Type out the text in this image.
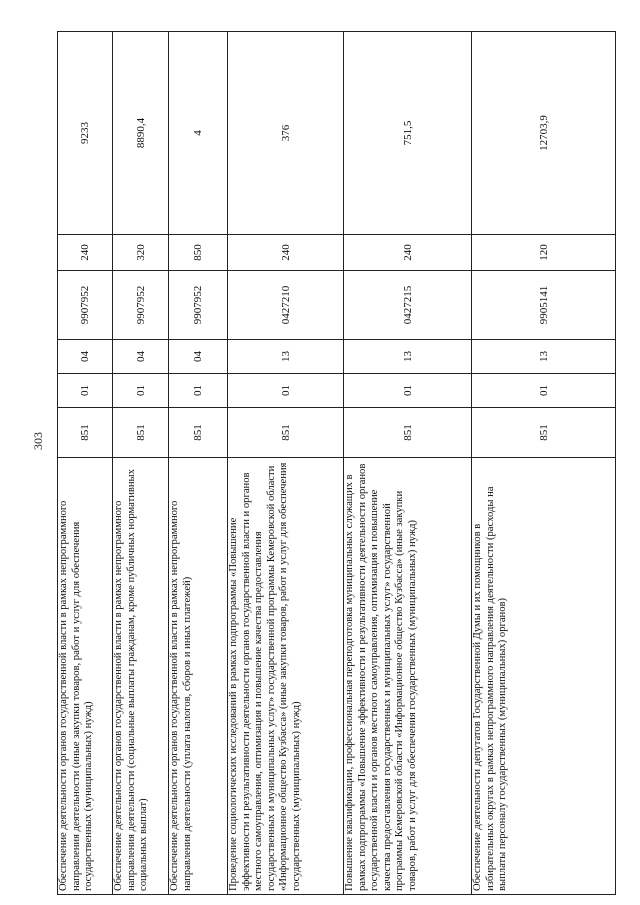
303
Обеспечение деятельности органов государственной власти в рамках непрограммного направления деятельности (иные закупки товаров, работ и услуг для обеспечения государственных (муниципальных) нужд)	851	01	04	9907952	240	9233
Обеспечение деятельности органов государственной власти в рамках непрограммного направления деятельности (социальные выплаты гражданам, кроме публичных нормативных социальных выплат)	851	01	04	9907952	320	8890,4
Обеспечение деятельности органов государственной власти в рамках непрограммного направления деятельности (уплата налогов, сборов и иных платежей)	851	01	04	9907952	850	4
Проведение социологических исследований в рамках подпрограммы «Повышение эффективности и результативности деятельности органов государственной власти и органов местного самоуправления, оптимизация и повышение качества предоставления государственных и муниципальных услуг» государственной программы Кемеровской области «Информационное общество Кузбасса» (иные закупки товаров, работ и услуг для обеспечения государственных (муниципальных) нужд)	851	01	13	0427210	240	376
Повышение квалификации, профессиональная переподготовка муниципальных служащих в рамках подпрограммы «Повышение эффективности и результативности деятельности органов государственной власти и органов местного самоуправления, оптимизация и повышение качества предоставления государственных и муниципальных услуг» государственной программы Кемеровской области «Информационное общество Кузбасса» (иные закупки товаров, работ и услуг для обеспечения государственных (муниципальных) нужд)	851	01	13	0427215	240	751,5
Обеспечение деятельности депутатов Государственной Думы и их помощников в избирательных округах в рамках непрограммного направления деятельности (расходы на выплаты персоналу государственных (муниципальных) органов)	851	01	13	9905141	120	12703,9
